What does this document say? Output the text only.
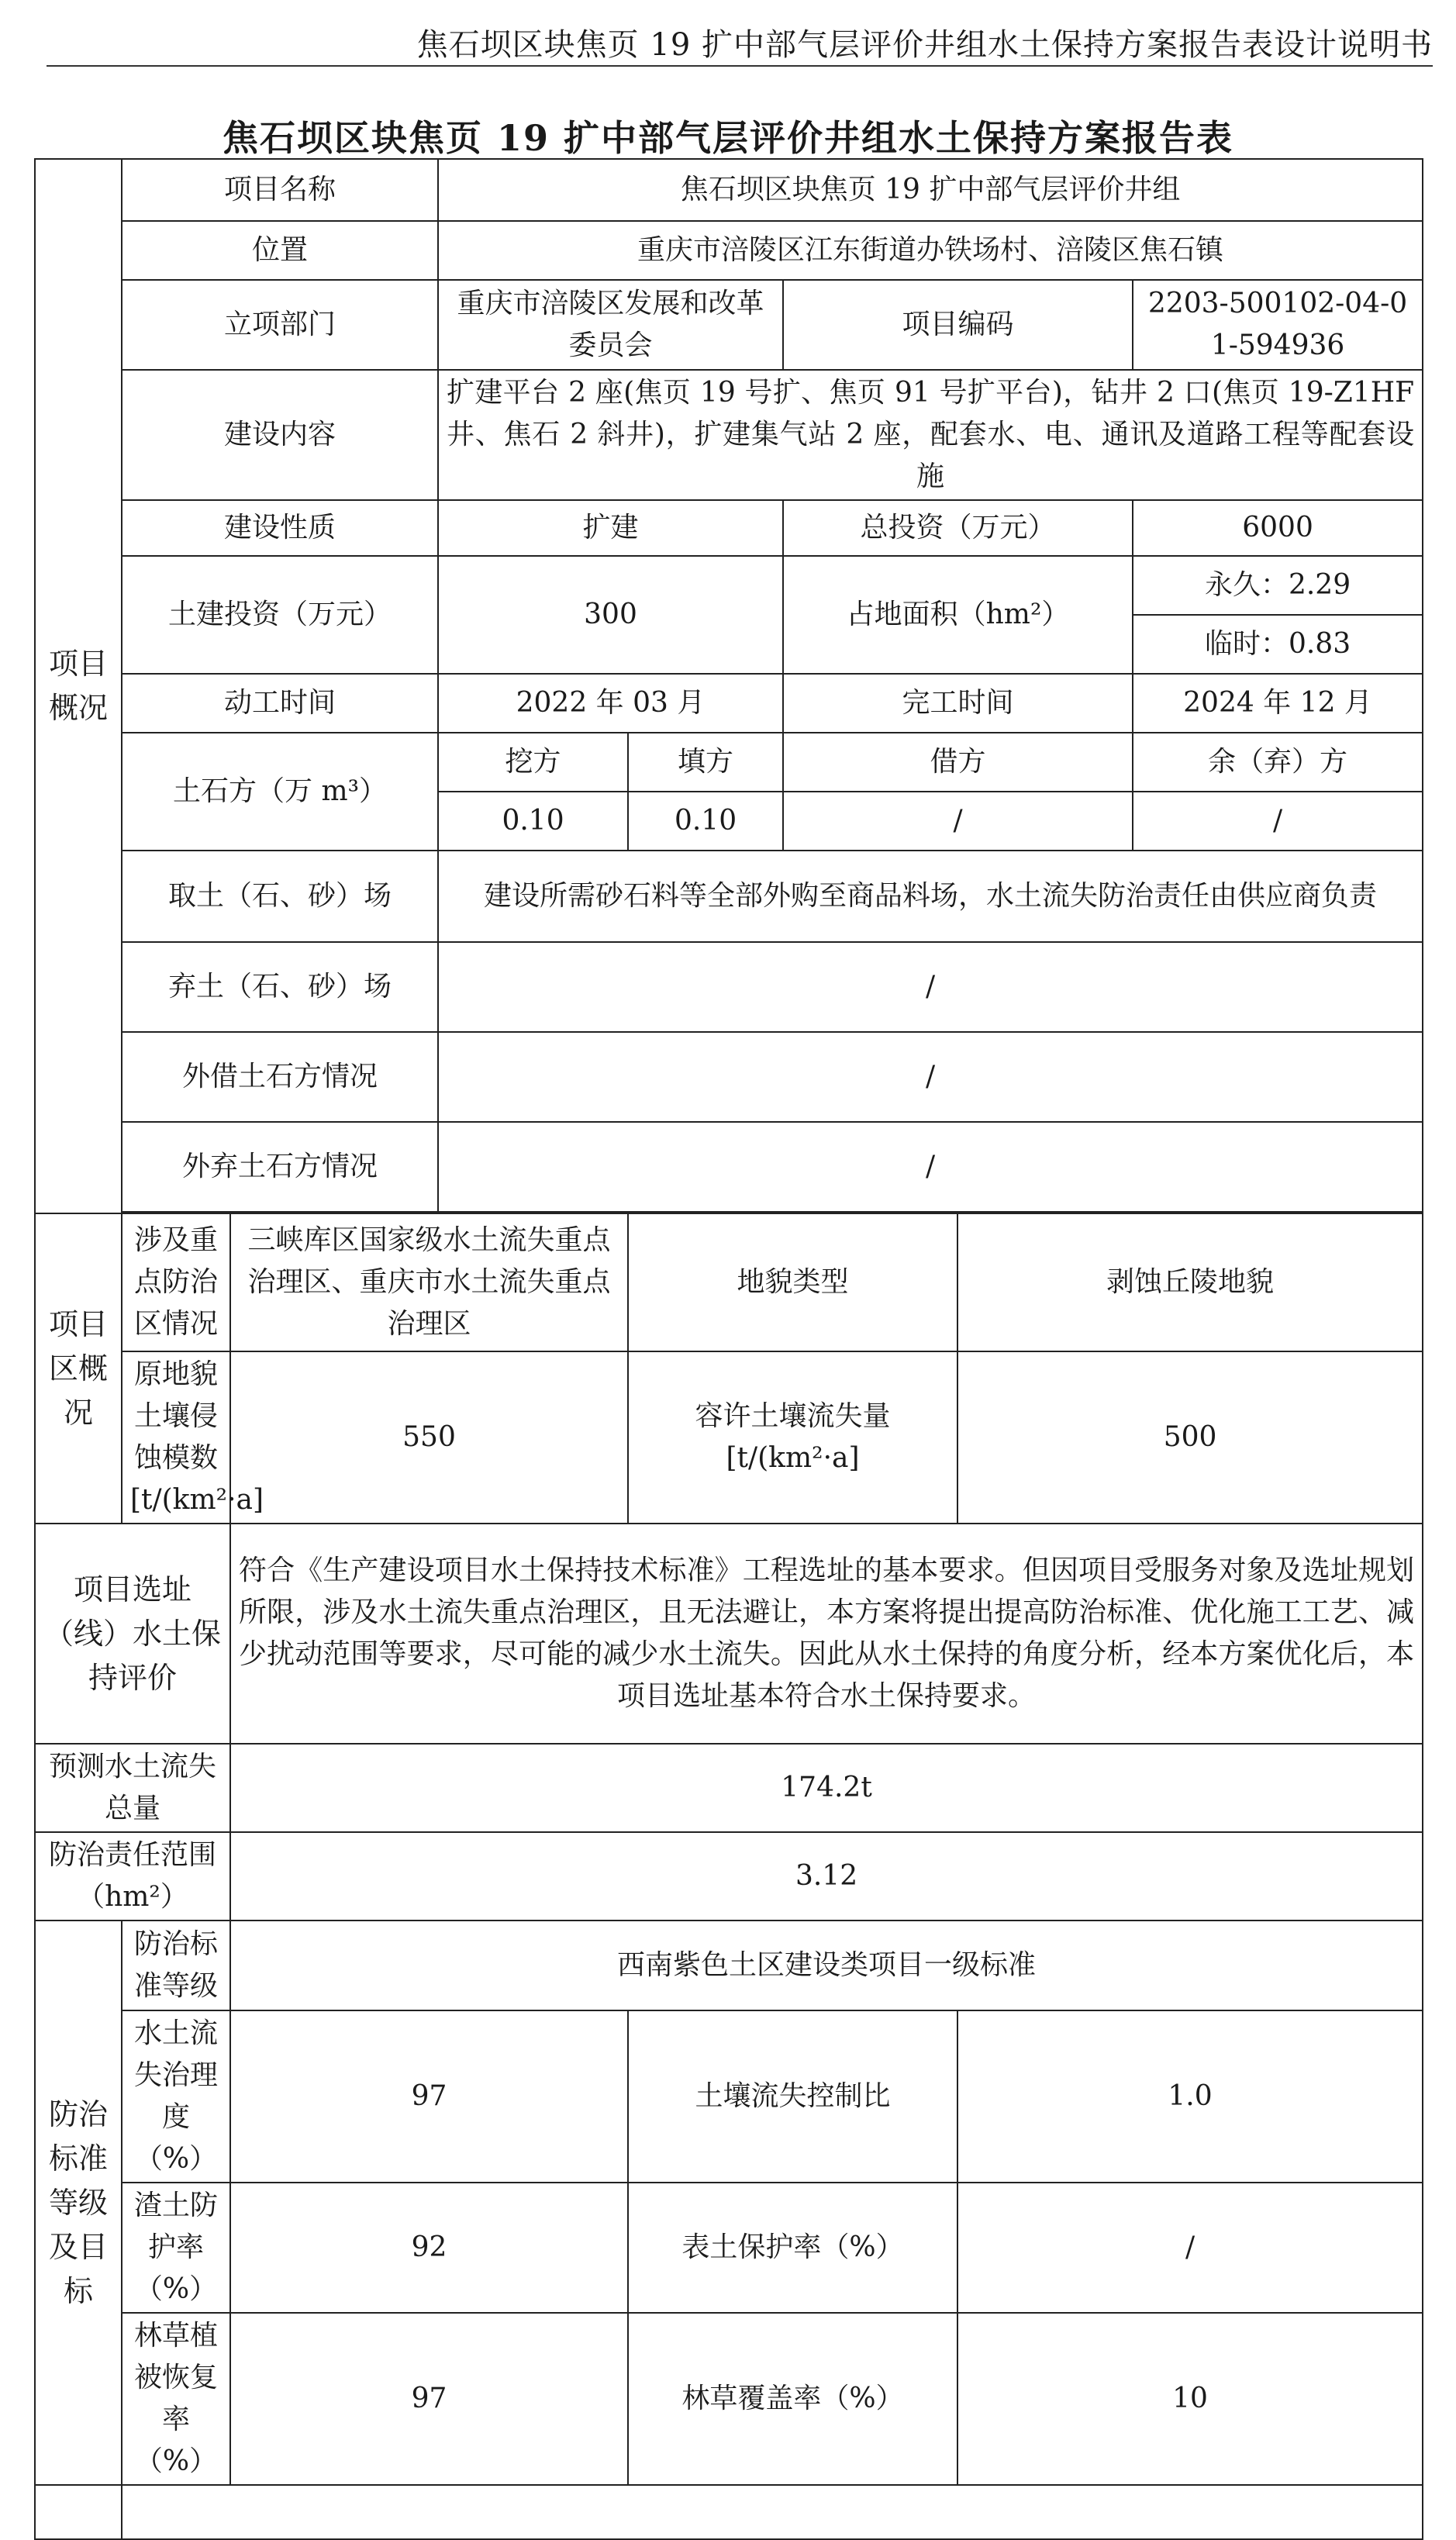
焦石坝区块焦页 19 扩中部气层评价井组水土保持方案报告表设计说明书
焦石坝区块焦页 19 扩中部气层评价井组水土保持方案报告表
项目概况	项目名称		焦石坝区块焦页 19 扩中部气层评价井组				
	位置		重庆市涪陵区江东街道办铁场村、涪陵区焦石镇				
	立项部门		重庆市涪陵区发展和改革委员会		项目编码		2203-500102-04-01-594936
	建设内容		扩建平台 2 座(焦页 19 号扩、焦页 91 号扩平台)，钻井 2 口(焦页 19-Z1HF 井、焦石 2 斜井)，扩建集气站 2 座，配套水、电、通讯及道路工程等配套设施				
	建设性质		扩建		总投资（万元）		6000
	土建投资（万元）		300		占地面积（hm²）		永久：2.29
							临时：0.83
	动工时间		2022 年 03 月		完工时间		2024 年 12 月
	土石方（万 m³）		挖方	填方	借方		余（弃）方
			0.10	0.10	/		/
	取土（石、砂）场		建设所需砂石料等全部外购至商品料场，水土流失防治责任由供应商负责				
	弃土（石、砂）场		/				
	外借土石方情况		/				
	外弃土石方情况		/				

项目区概况	涉及重点防治区情况	三峡库区国家级水土流失重点治理区、重庆市水土流失重点治理区		地貌类型		剥蚀丘陵地貌	
	原地貌土壤侵蚀模数 [t/(km²·a]	550		容许土壤流失量 [t/(km²·a]		500	
项目选址（线）水土保持评价		符合《生产建设项目水土保持技术标准》工程选址的基本要求。但因项目受服务对象及选址规划所限，涉及水土流失重点治理区，且无法避让，本方案将提出提高防治标准、优化施工工艺、减少扰动范围等要求，尽可能的减少水土流失。因此从水土保持的角度分析，经本方案优化后，本项目选址基本符合水土保持要求。					
预测水土流失总量		174.2t					
防治责任范围（hm²）		3.12					
防治标准等级及目标	防治标准等级	西南紫色土区建设类项目一级标准					
	水土流失治理度（%）	97		土壤流失控制比		1.0	
	渣土防护率（%）	92		表土保护率（%）		/	
	林草植被恢复率（%）	97		林草覆盖率（%）		10	
